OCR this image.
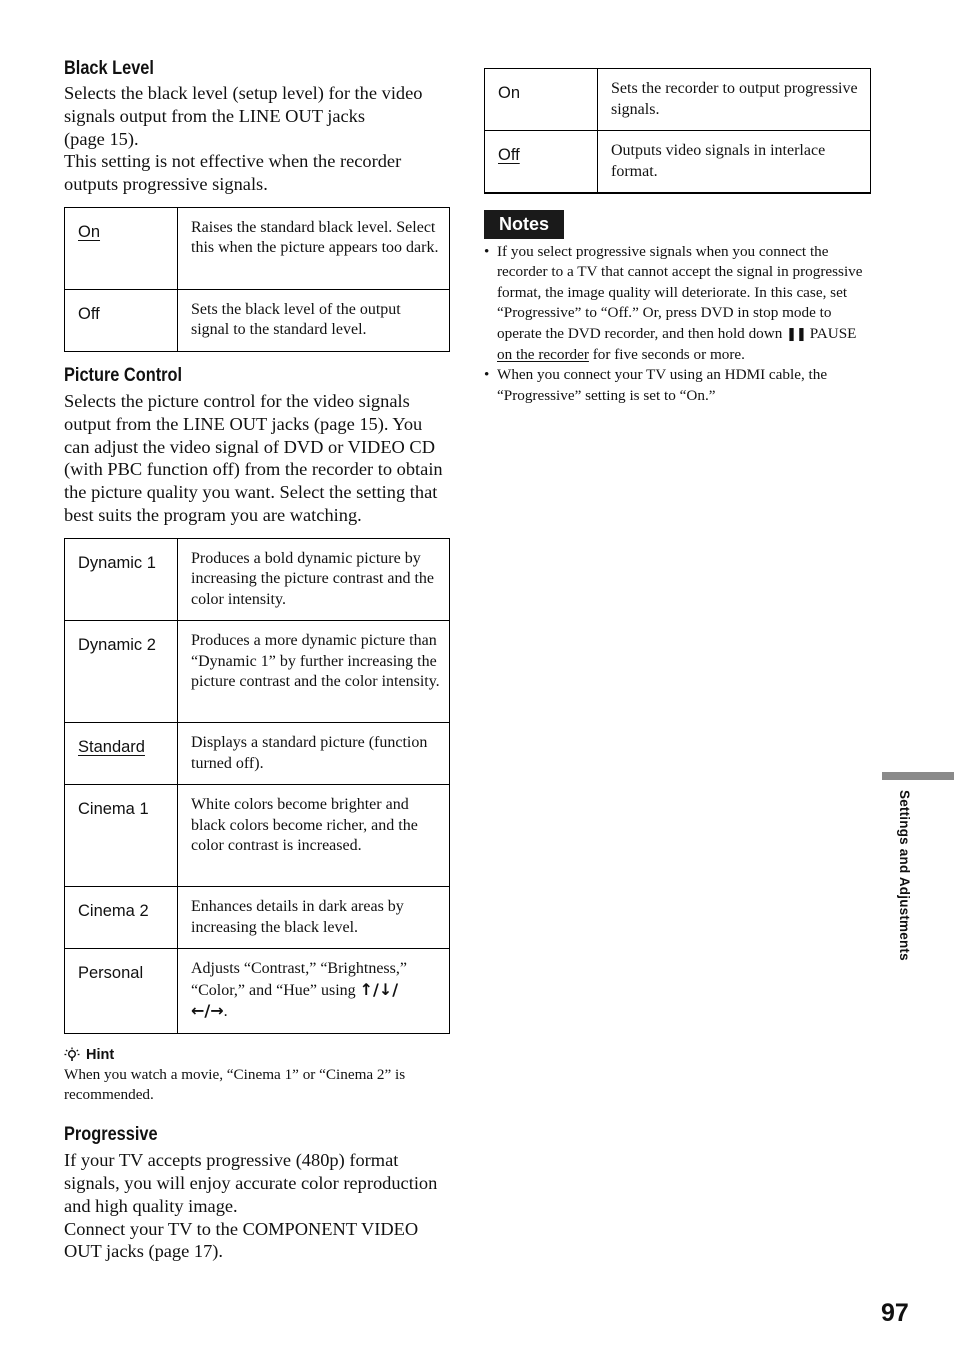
Black Level

Selects the black level (setup level) for the video signals output from the LINE OUT jacks
(page 15).
This setting is not effective when the recorder outputs progressive signals.

On	Raises the standard black level. Select this when the picture appears too dark.
Off	Sets the black level of the output signal to the standard level.
Picture Control

Selects the picture control for the video signals output from the LINE OUT jacks (page 15). You can adjust the video signal of DVD or VIDEO CD (with PBC function off) from the recorder to obtain the picture quality you want. Select the setting that best suits the program you are watching.

Dynamic 1	Produces a bold dynamic picture by increasing the picture contrast and the color intensity.
Dynamic 2	Produces a more dynamic picture than “Dynamic 1” by further increasing the picture contrast and the color intensity.
Standard	Displays a standard picture (function turned off).
Cinema 1	White colors become brighter and black colors become richer, and the color contrast is increased.
Cinema 2	Enhances details in dark areas by increasing the black level.
Personal	Adjusts “Contrast,” “Brightness,” “Color,” and “Hue” using ↑/↓/
←/→.
Hint

When you watch a movie, “Cinema 1” or “Cinema 2” is recommended.

Progressive

If your TV accepts progressive (480p) format signals, you will enjoy accurate color reproduction and high quality image.
Connect your TV to the COMPONENT VIDEO OUT jacks (page 17).

On	Sets the recorder to output progressive signals.
Off	Outputs video signals in interlace format.
Notes
• If you select progressive signals when you connect the recorder to a TV that cannot accept the signal in progressive format, the image quality will deteriorate. In this case, set “Progressive” to “Off.” Or, press DVD in stop mode to operate the DVD recorder, and then hold down ❚❚ PAUSE on the recorder for five seconds or more.
• When you connect your TV using an HDMI cable, the “Progressive” setting is set to “On.”
Settings and Adjustments
97
